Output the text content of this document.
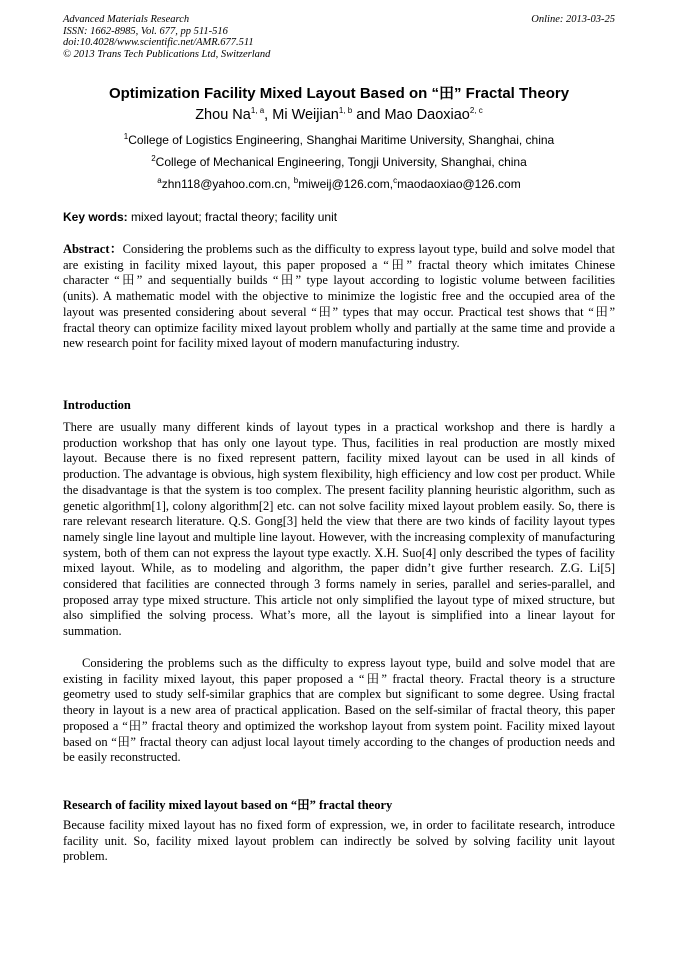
Advanced Materials Research
ISSN: 1662-8985, Vol. 677, pp 511-516
doi:10.4028/www.scientific.net/AMR.677.511
© 2013 Trans Tech Publications Ltd, Switzerland
Online: 2013-03-25
Optimization Facility Mixed Layout Based on “田” Fractal Theory
Zhou Na$^{1, a}$, Mi Weijian$^{1, b}$ and Mao Daoxiao$^{2, c}$
$^1$College of Logistics Engineering, Shanghai Maritime University, Shanghai, china
$^2$College of Mechanical Engineering, Tongji University, Shanghai, china
$^a$zhn118@yahoo.com.cn, $^b$miweij@126.com,$^c$maodaoxiao@126.com
Key words: mixed layout; fractal theory; facility unit
Abstract：Considering the problems such as the difficulty to express layout type, build and solve model that are existing in facility mixed layout, this paper proposed a “田” fractal theory which imitates Chinese character “田” and sequentially builds “田” type layout according to logistic volume between facilities (units). A mathematic model with the objective to minimize the logistic free and the occupied area of the layout was presented considering about several “田” types that may occur. Practical test shows that “田” fractal theory can optimize facility mixed layout problem wholly and partially at the same time and provide a new research point for facility mixed layout of modern manufacturing industry.
Introduction
There are usually many different kinds of layout types in a practical workshop and there is hardly a production workshop that has only one layout type. Thus, facilities in real production are mostly mixed layout. Because there is no fixed represent pattern, facility mixed layout can be used in all kinds of production. The advantage is obvious, high system flexibility, high efficiency and low cost per product. While the disadvantage is that the system is too complex. The present facility planning heuristic algorithm, such as genetic algorithm[1], colony algorithm[2] etc. can not solve facility mixed layout problem easily. So, there is rare relevant research literature. Q.S. Gong[3] held the view that there are two kinds of facility layout types namely single line layout and multiple line layout. However, with the increasing complexity of manufacturing system, both of them can not express the layout type exactly. X.H. Suo[4] only described the types of facility mixed layout. While, as to modeling and algorithm, the paper didn’t give further research. Z.G. Li[5] considered that facilities are connected through 3 forms namely in series, parallel and series-parallel, and proposed array type mixed structure. This article not only simplified the layout type of mixed structure, but also simplified the solving process. What’s more, all the layout is simplified into a linear layout for summation.
Considering the problems such as the difficulty to express layout type, build and solve model that are existing in facility mixed layout, this paper proposed a “田” fractal theory. Fractal theory is a structure geometry used to study self-similar graphics that are complex but significant to some degree. Using fractal theory in layout is a new area of practical application. Based on the self-similar of fractal theory, this paper proposed a “田” fractal theory and optimized the workshop layout from system point. Facility mixed layout based on “田” fractal theory can adjust local layout timely according to the changes of production needs and be easily reconstructed.
Research of facility mixed layout based on “田” fractal theory
Because facility mixed layout has no fixed form of expression, we, in order to facilitate research, introduce facility unit. So, facility mixed layout problem can indirectly be solved by solving facility unit layout problem.
